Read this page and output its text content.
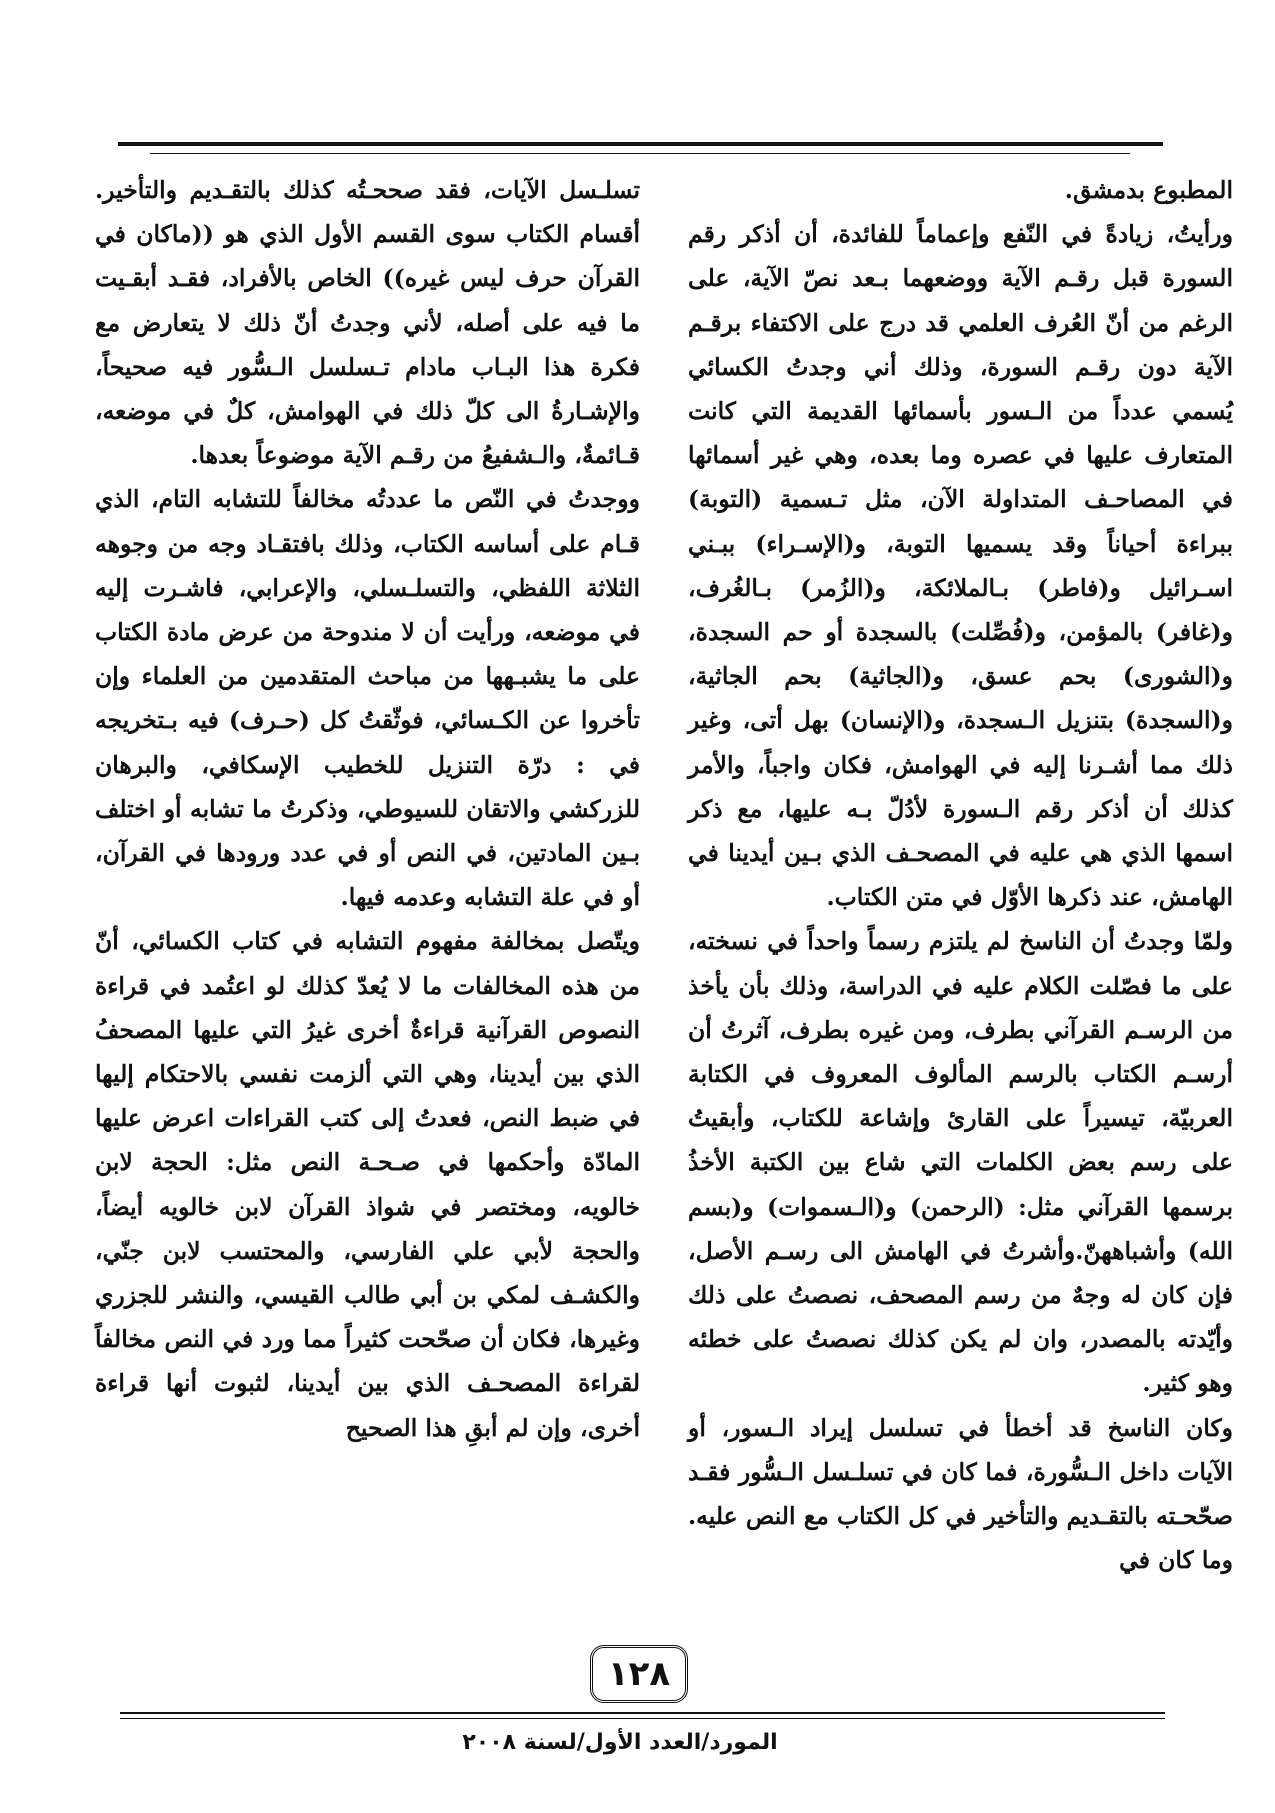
المطبوع بدمشق.

ورأيتُ، زيادةً في النّفع وإعماماً للفائدة، أن أذكر رقم السورة قبل رقـم الآية ووضعهما بـعد نصّ الآية، على الرغم من أنّ العُرف العلمي قد درج على الاكتفاء برقـم الآية دون رقـم السورة، وذلك أني وجدتُ الكسائي يُسمي عدداً من الـسور بأسمائها القديمة التي كانت المتعارف عليها في عصره وما بعده، وهي غير أسمائها في المصاحـف المتداولة الآن، مثل تـسمية (التوبة) ببراءة أحياناً وقد يسميها التوبة، و(الإسـراء) ببـني اسـرائيل و(فاطر) بـالملائكة، و(الزُمر) بـالغُرف، و(غافر) بالمؤمن، و(فُصِّلت) بالسجدة أو حم السجدة، و(الشورى) بحم عسق، و(الجاثية) بحم الجاثية، و(السجدة) بتنزيل الـسجدة، و(الإنسان) بهل أتى، وغير ذلك مما أشـرنا إليه في الهوامش، فكان واجباً، والأمر كذلك أن أذكر رقم الـسورة لأدُلّ بـه عليها، مع ذكر اسمها الذي هي عليه في المصحـف الذي بـين أيدينا في الهامش، عند ذكرها الأوّل في متن الكتاب.

ولمّا وجدتُ أن الناسخ لم يلتزم رسماً واحداً في نسخته، على ما فصّلت الكلام عليه في الدراسة، وذلك بأن يأخذ من الرسـم القرآني بطرف، ومن غيره بطرف، آثرتُ أن أرسـم الكتاب بالرسم المألوف المعروف في الكتابة العربيّة، تيسيراً على القارئ وإشاعة للكتاب، وأبقيتُ على رسم بعض الكلمات التي شاع بين الكتبة الأخذُ برسمها القرآني مثل: (الرحمن) و(الـسموات) و(بسم الله) وأشباههنّ.وأشرتُ في الهامش الى رسـم الأصل، فإن كان له وجهٌ من رسم المصحف، نصصتُ على ذلك وأيّدته بالمصدر، وان لم يكن كذلك نصصتُ على خطئه وهو كثير.

وكان الناسخ قد أخطأ في تسلسل إيراد الـسور، أو الآيات داخل الـسُّورة، فما كان في تسلـسل الـسُّور فقـد صحّحـته بالتقـديم والتأخير في كل الكتاب مع النص عليه. وما كان في

تسلـسل الآيات، فقد صححـتُه كذلك بالتقـديم والتأخير. أقسام الكتاب سوى القسم الأول الذي هو ((ماكان في القرآن حرف ليس غيره)) الخاص بالأفراد، فقـد أبقـيت ما فيه على أصله، لأني وجدتُ أنّ ذلك لا يتعارض مع فكرة هذا البـاب مادام تـسلسل الـسُّور فيه صحيحاً، والإشـارةُ الى كلّ ذلك في الهوامش، كلٌ في موضعه، قـائمةٌ، والـشفيعُ من رقـم الآية موضوعاً بعدها.

ووجدتُ في النّص ما عددتُه مخالفاً للتشابه التام، الذي قـام على أساسه الكتاب، وذلك بافتقـاد وجه من وجوهه الثلاثة اللفظي، والتسلـسلي، والإعرابي، فاشـرت إليه في موضعه، ورأيت أن لا مندوحة من عرض مادة الكتاب على ما يشبـهها من مباحث المتقدمين من العلماء وإن تأخروا عن الكـسائي، فوثّقتُ كل (حـرف) فيه بـتخريجه في : درّة التنزيل للخطيب الإسكافي، والبرهان للزركشي والاتقان للسيوطي، وذكرتُ ما تشابه أو اختلف بـين المادتين، في النص أو في عدد ورودها في القرآن، أو في علة التشابه وعدمه فيها.

ويتّصل بمخالفة مفهوم التشابه في كتاب الكسائي، أنّ من هذه المخالفات ما لا يُعدّ كذلك لو اعتُمد في قراءة النصوص القرآنية قراءةٌ أخرى غيرُ التي عليها المصحفُ الذي بين أيدينا، وهي التي ألزمت نفسي بالاحتكام إليها في ضبط النص، فعدتُ إلى كتب القراءات اعرض عليها المادّة وأحكمها في صـحـة النص مثل: الحجة لابن خالويه، ومختصر في شواذ القرآن لابن خالويه أيضاً، والحجة لأبي علي الفارسي، والمحتسب لابن جنّي، والكشـف لمكي بن أبي طالب القيسي، والنشر للجزري وغيرها، فكان أن صحّحت كثيراً مما ورد في النص مخالفاً لقراءة المصحـف الذي بين أيدينا، لثبوت أنها قراءة أخرى، وإن لم أبقِ هذا الصحيح

١٢٨
المورد/العدد الأول/لسنة ٢٠٠٨
